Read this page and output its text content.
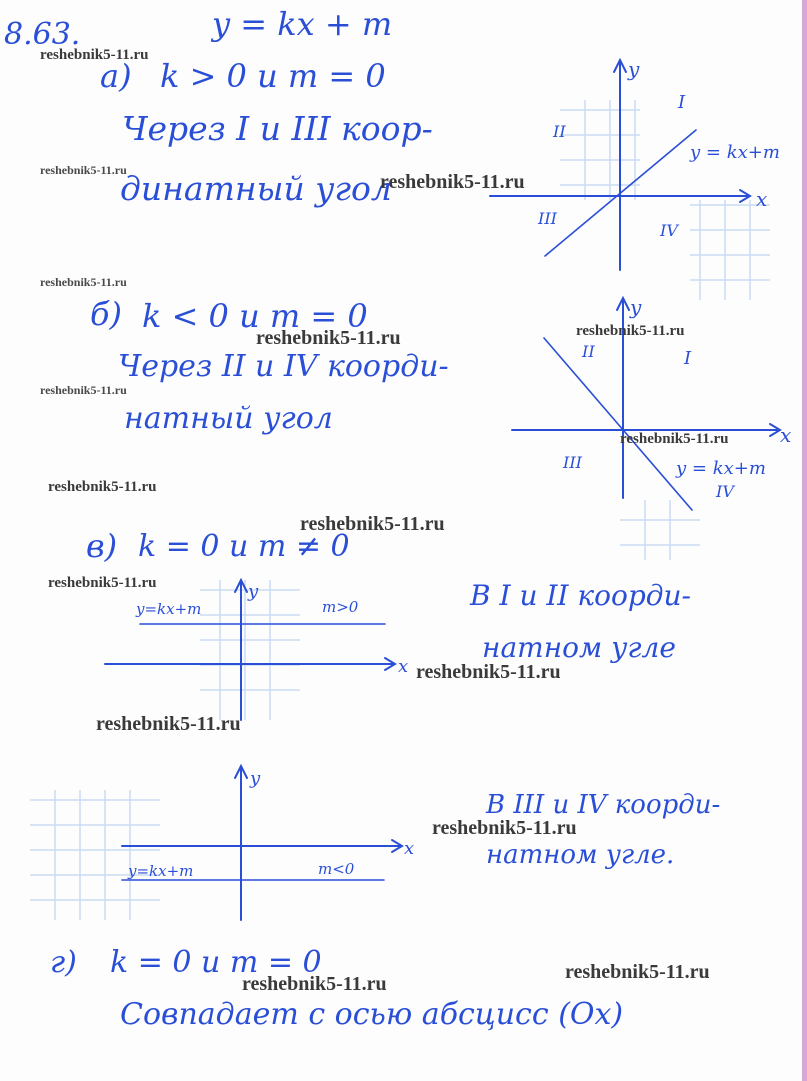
8.63.	y = kx + m
а) k > 0 и m = 0
Через I и III коор-
динатный угол
y
x
y = kx+m
I
II
III
IV
б) k < 0 и m = 0
Через II и IV коорди-
натный угол
y
x
y = kx+m
I
II
III
IV
в) k = 0 и m ≠ 0
y
x
y=kx+m	m>0	В I и II коорди-
натном угле
y
x
y=kx+m	m<0
В III и IV коорди-
натном угле.
г) k = 0 и m = 0
Совпадает с осью абсцисс (Ox)
reshebnik5-11.ru
reshebnik5-11.ru
reshebnik5-11.ru
reshebnik5-11.ru
reshebnik5-11.ru	reshebnik5-11.ru
reshebnik5-11.ru
reshebnik5-11.ru
reshebnik5-11.ru
reshebnik5-11.ru
reshebnik5-11.ru
reshebnik5-11.ru
reshebnik5-11.ru
reshebnik5-11.ru
reshebnik5-11.ru
reshebnik5-11.ru
